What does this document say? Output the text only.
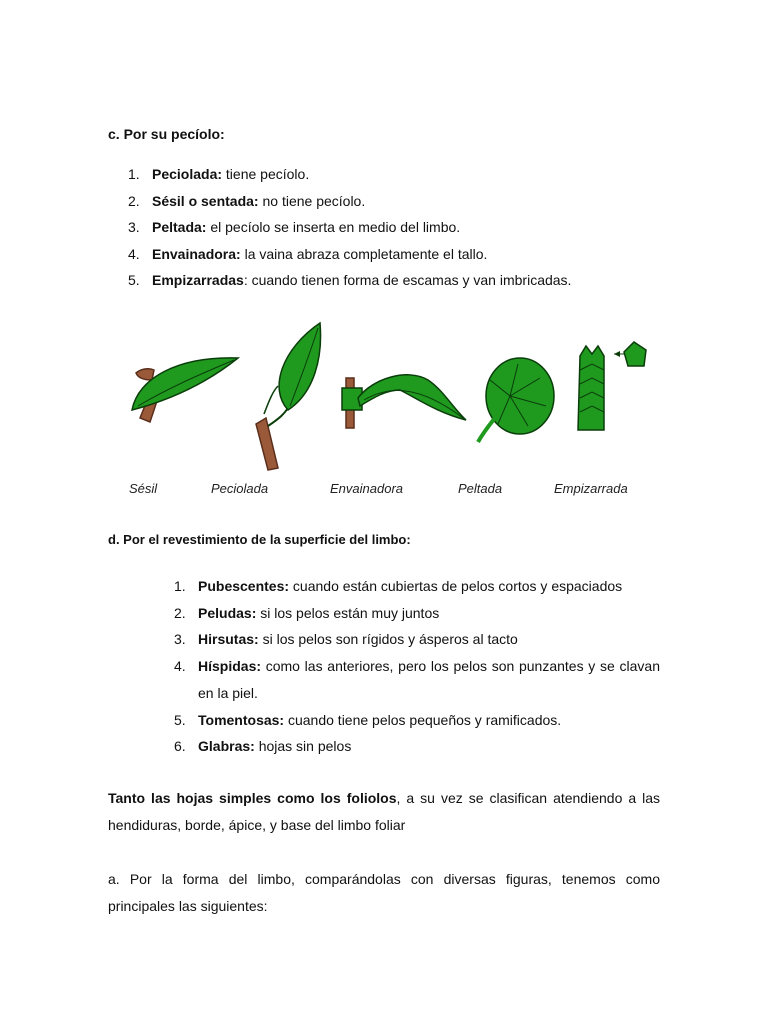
c. Por su pecíolo:
1. Peciolada: tiene pecíolo.
2. Sésil o sentada: no tiene pecíolo.
3. Peltada: el pecíolo se inserta en medio del limbo.
4. Envainadora: la vaina abraza completamente el tallo.
5. Empizarradas: cuando tienen forma de escamas y van imbricadas.
Sésil	Peciolada	Envainadora	Peltada	Empizarrada
d. Por el revestimiento de la superficie del limbo:
1. Pubescentes: cuando están cubiertas de pelos cortos y espaciados
2. Peludas: si los pelos están muy juntos
3. Hirsutas: si los pelos son rígidos y ásperos al tacto
4. Híspidas: como las anteriores, pero los pelos son punzantes y se clavan en la piel.
5. Tomentosas: cuando tiene pelos pequeños y ramificados.
6. Glabras: hojas sin pelos

Tanto las hojas simples como los foliolos, a su vez se clasifican atendiendo a las hendiduras, borde, ápice, y base del limbo foliar

a. Por la forma del limbo, comparándolas con diversas figuras, tenemos como principales las siguientes:
